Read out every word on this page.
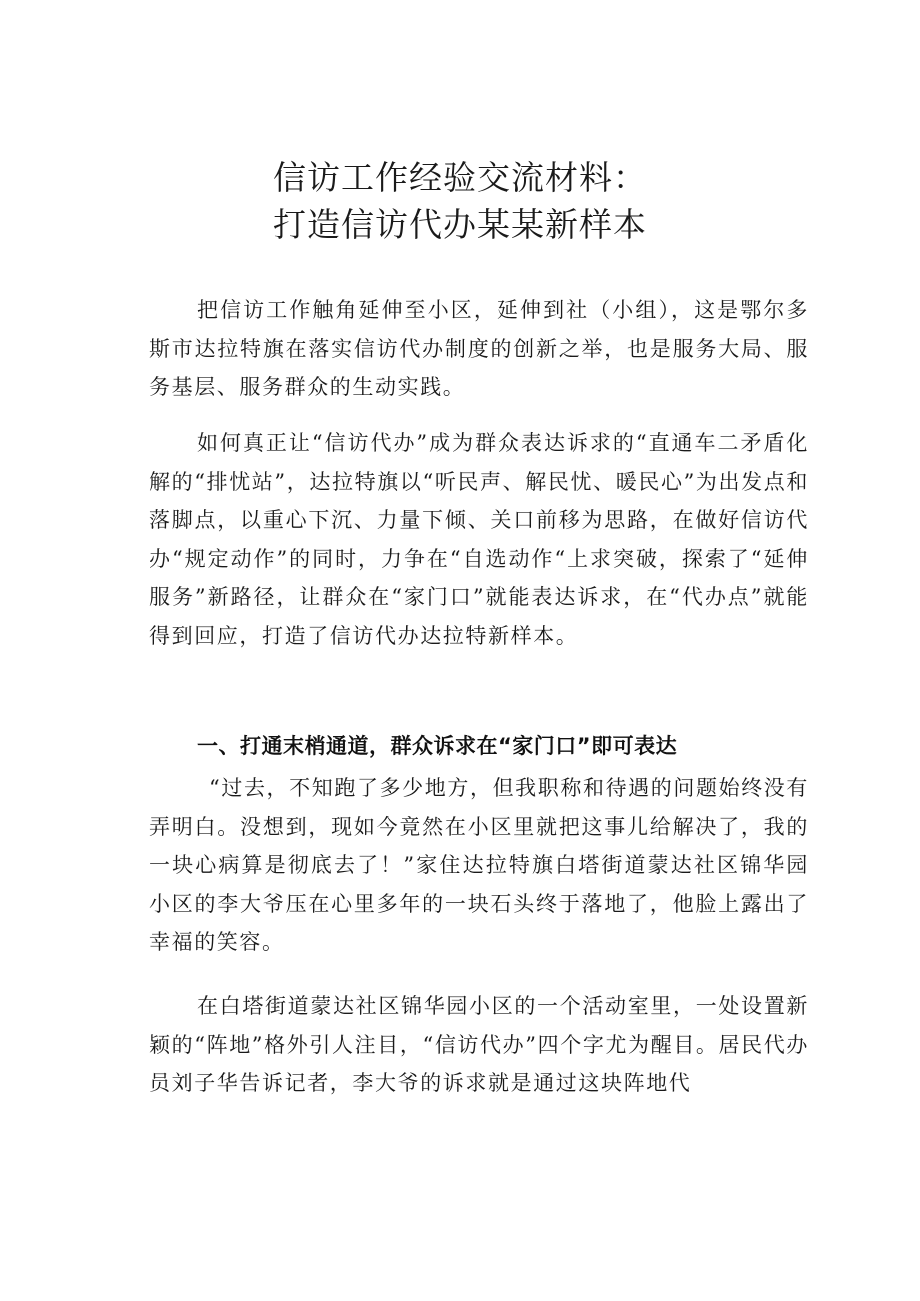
信访工作经验交流材料：
打造信访代办某某新样本

把信访工作触角延伸至小区，延伸到社（小组），这是鄂尔多斯市达拉特旗在落实信访代办制度的创新之举，也是服务大局、服务基层、服务群众的生动实践。

如何真正让“信访代办”成为群众表达诉求的“直通车二矛盾化解的“排忧站”，达拉特旗以“听民声、解民忧、暖民心”为出发点和落脚点，以重心下沉、力量下倾、关口前移为思路，在做好信访代办“规定动作”的同时，力争在“自选动作“上求突破，探索了“延伸服务”新路径，让群众在“家门口”就能表达诉求，在“代办点”就能得到回应，打造了信访代办达拉特新样本。

一、打通末梢通道，群众诉求在“家门口”即可表达

“过去，不知跑了多少地方，但我职称和待遇的问题始终没有弄明白。没想到，现如今竟然在小区里就把这事儿给解决了，我的一块心病算是彻底去了！”家住达拉特旗白塔街道蒙达社区锦华园小区的李大爷压在心里多年的一块石头终于落地了，他脸上露出了幸福的笑容。

在白塔街道蒙达社区锦华园小区的一个活动室里，一处设置新颖的“阵地”格外引人注目，“信访代办”四个字尤为醒目。居民代办员刘子华告诉记者，李大爷的诉求就是通过这块阵地代
